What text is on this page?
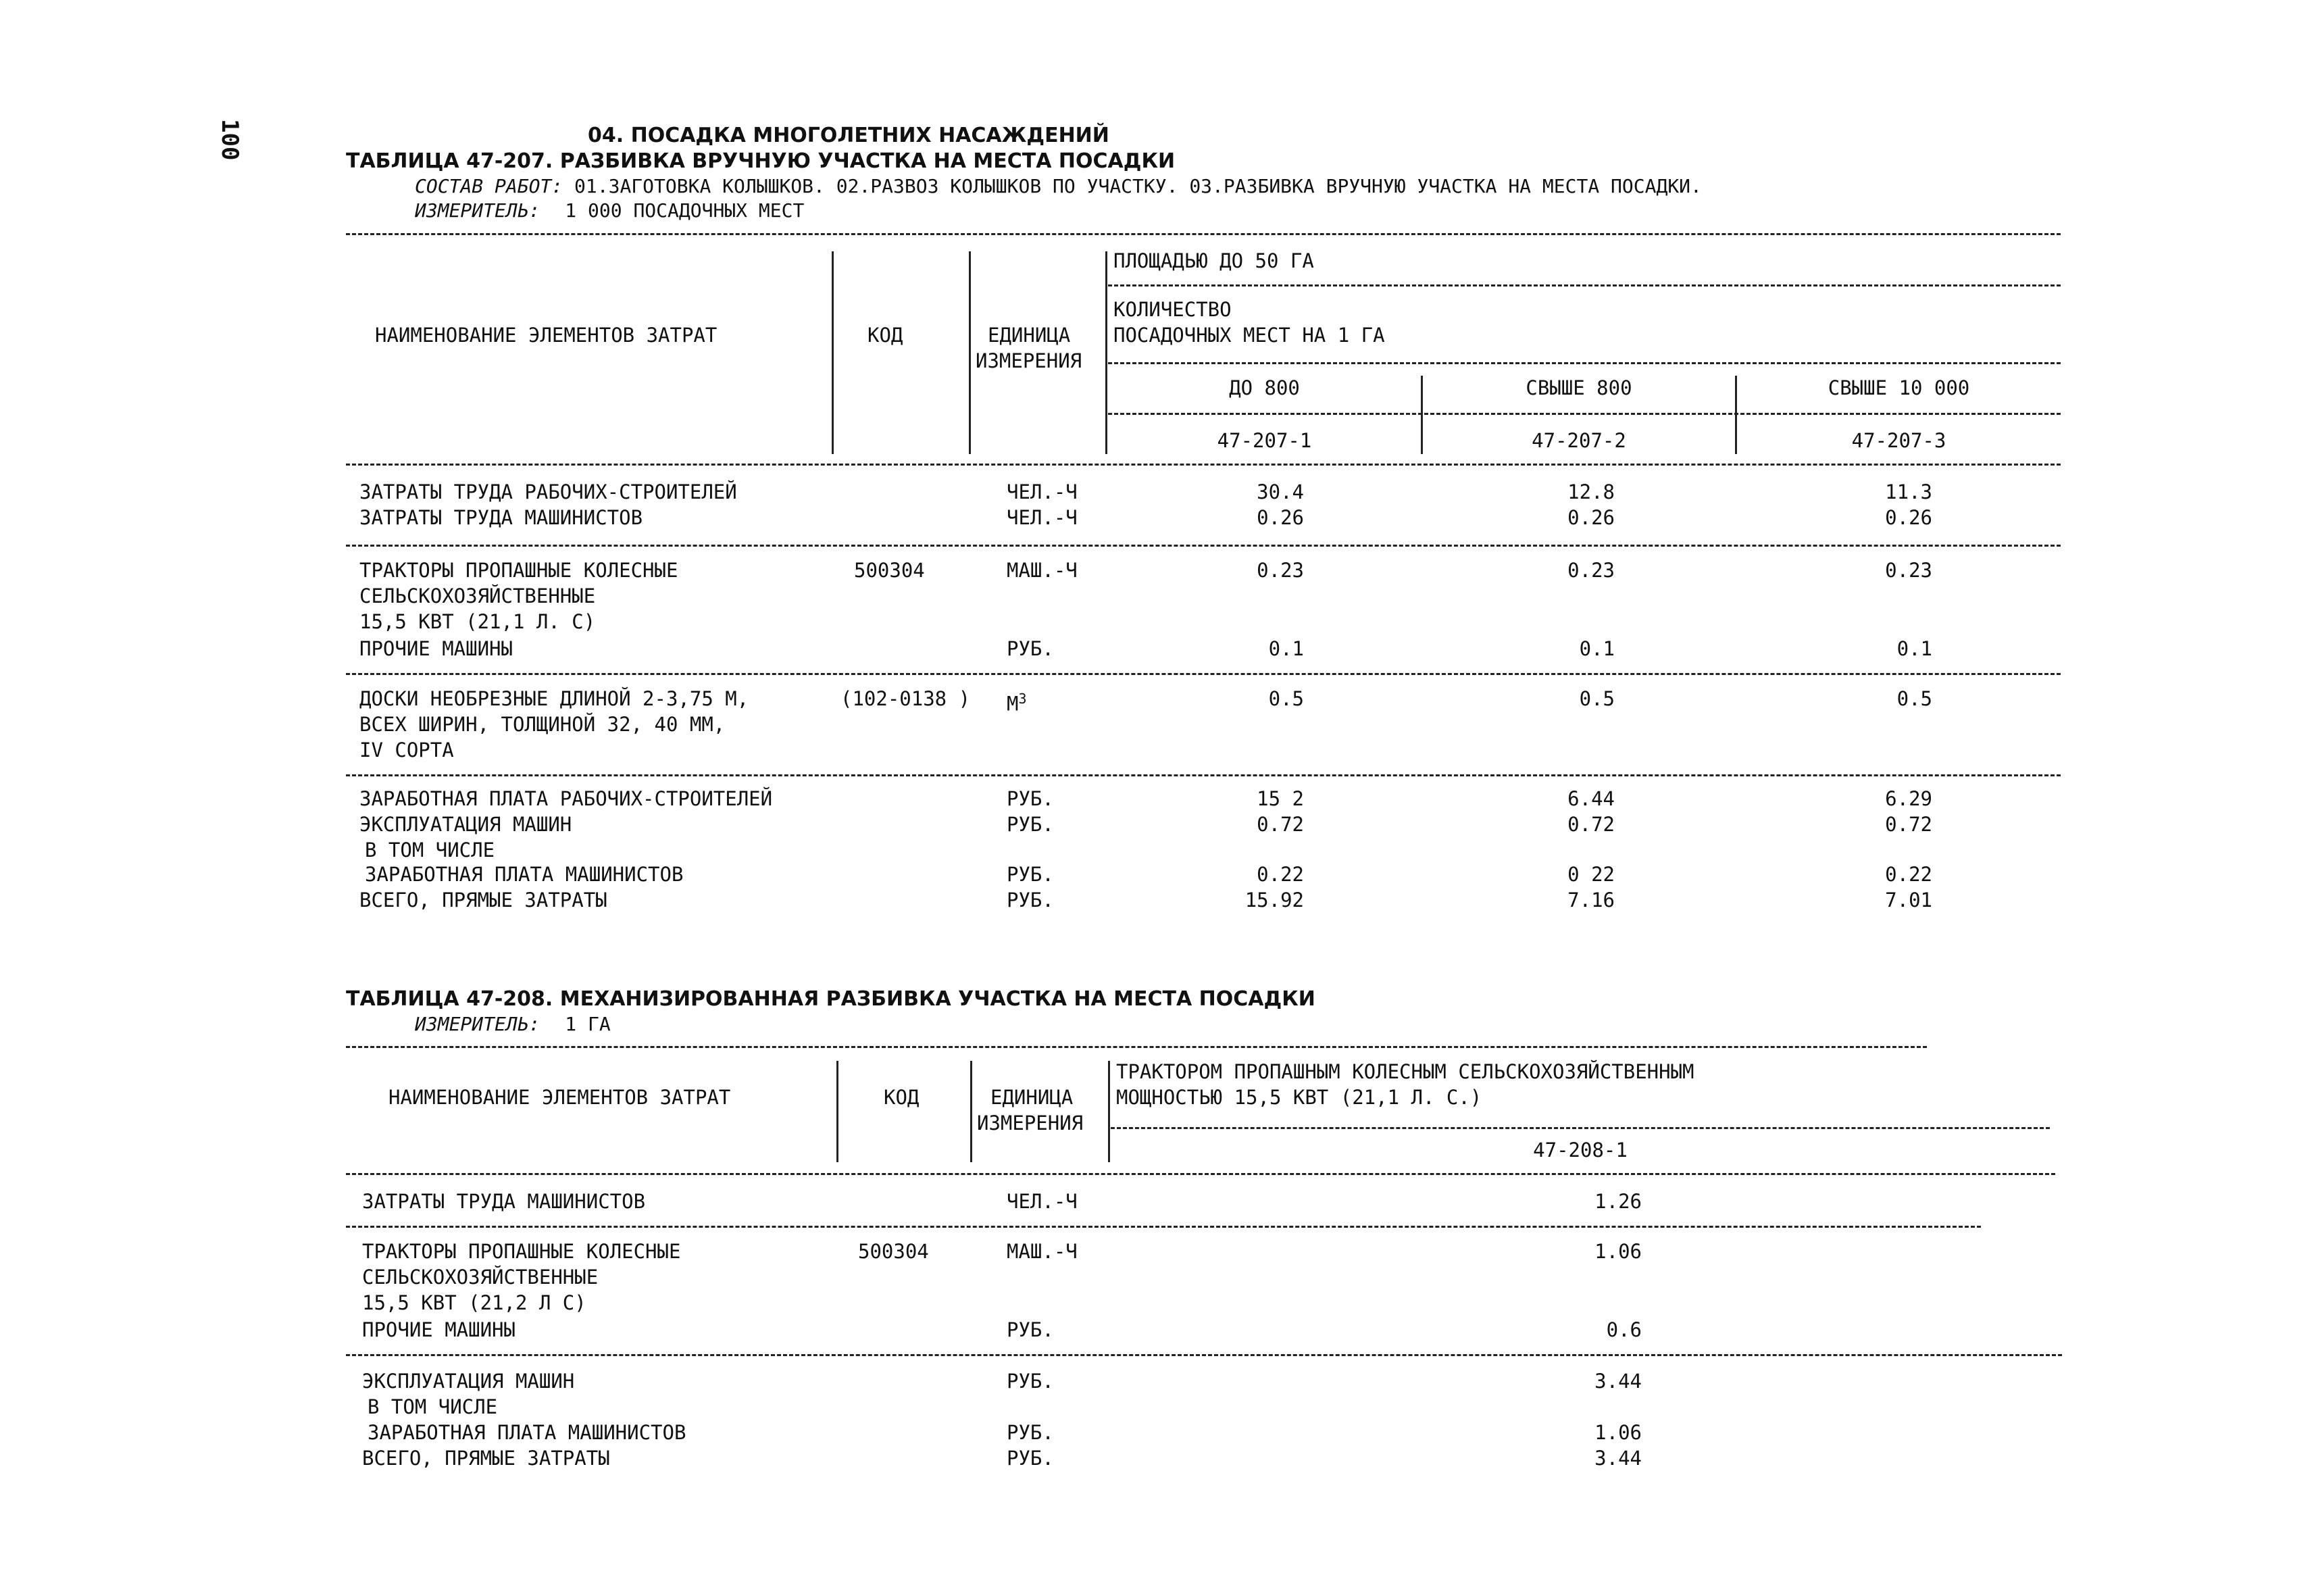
100	04. ПОСАДКА МНОГОЛЕТНИХ НАСАЖДЕНИЙ
ТАБЛИЦА 47-207. РАЗБИВКА ВРУЧНУЮ УЧАСТКА НА МЕСТА ПОСАДКИ
СОСТАВ РАБОТ: 01.ЗАГОТОВКА КОЛЫШКОВ. 02.РАЗВОЗ КОЛЫШКОВ ПО УЧАСТКУ. 03.РАЗБИВКА ВРУЧНУЮ УЧАСТКА НА МЕСТА ПОСАДКИ.
ИЗМЕРИТЕЛЬ: 1 000 ПОСАДОЧНЫХ МЕСТ
НАИМЕНОВАНИЕ ЭЛЕМЕНТОВ ЗАТРАТ	КОД	ЕДИНИЦА
ИЗМЕРЕНИЯ
ПЛОЩАДЬЮ ДО 50 ГА
КОЛИЧЕСТВО
ПОСАДОЧНЫХ МЕСТ НА 1 ГА
ДО 800	СВЫШЕ 800	СВЫШЕ 10 000
47-207-1	47-207-2	47-207-3
ЗАТРАТЫ ТРУДА РАБОЧИХ-СТРОИТЕЛЕЙ	ЧЕЛ.-Ч	30.4	12.8	11.3
ЗАТРАТЫ ТРУДА МАШИНИСТОВ	ЧЕЛ.-Ч	0.26	0.26	0.26
ТРАКТОРЫ ПРОПАШНЫЕ КОЛЕСНЫЕ	500304	МАШ.-Ч	0.23	0.23	0.23
СЕЛЬСКОХОЗЯЙСТВЕННЫЕ
15,5 КВТ (21,1 Л. С)
ПРОЧИЕ МАШИНЫ	РУБ.	0.1	0.1	0.1
ДОСКИ НЕОБРЕЗНЫЕ ДЛИНОЙ 2-3,75 М,	(102-0138 ) $М^3$	0.5	0.5	0.5
ВСЕХ ШИРИН, ТОЛЩИНОЙ 32, 40 ММ,
IV СОРТА
ЗАРАБОТНАЯ ПЛАТА РАБОЧИХ-СТРОИТЕЛЕЙ	РУБ.	15 2	6.44	6.29
ЭКСПЛУАТАЦИЯ МАШИН	РУБ.	0.72	0.72	0.72
В ТОМ ЧИСЛЕ
ЗАРАБОТНАЯ ПЛАТА МАШИНИСТОВ	РУБ.	0.22	0 22	0.22
ВСЕГО, ПРЯМЫЕ ЗАТРАТЫ	РУБ.	15.92	7.16	7.01
ТАБЛИЦА 47-208. МЕХАНИЗИРОВАННАЯ РАЗБИВКА УЧАСТКА НА МЕСТА ПОСАДКИ
ИЗМЕРИТЕЛЬ: 1 ГА
НАИМЕНОВАНИЕ ЭЛЕМЕНТОВ ЗАТРАТ	КОД	ЕДИНИЦА
ИЗМЕРЕНИЯ
ТРАКТОРОМ ПРОПАШНЫМ КОЛЕСНЫМ СЕЛЬСКОХОЗЯЙСТВЕННЫМ
МОЩНОСТЬЮ 15,5 КВТ (21,1 Л. С.)
47-208-1
ЗАТРАТЫ ТРУДА МАШИНИСТОВ	ЧЕЛ.-Ч	1.26
ТРАКТОРЫ ПРОПАШНЫЕ КОЛЕСНЫЕ	500304	МАШ.-Ч	1.06
СЕЛЬСКОХОЗЯЙСТВЕННЫЕ
15,5 КВТ (21,2 Л С)
ПРОЧИЕ МАШИНЫ	РУБ.	0.6
ЭКСПЛУАТАЦИЯ МАШИН	РУБ.	3.44
В ТОМ ЧИСЛЕ
ЗАРАБОТНАЯ ПЛАТА МАШИНИСТОВ	РУБ.	1.06
ВСЕГО, ПРЯМЫЕ ЗАТРАТЫ	РУБ.	3.44
